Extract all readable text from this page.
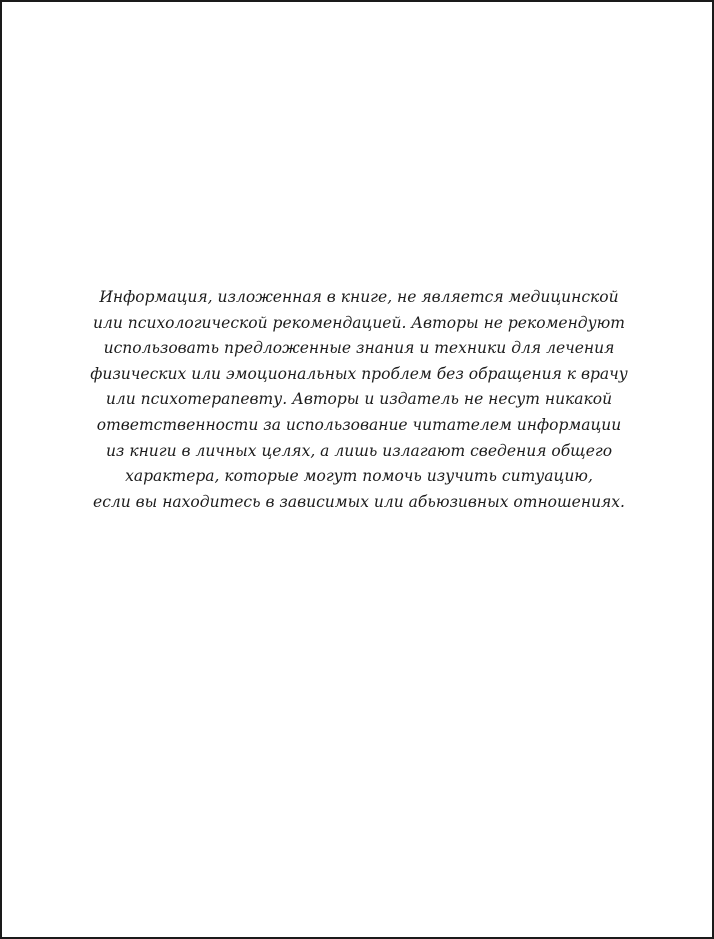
Информация, изложенная в книге, не является медицинской
или психологической рекомендацией. Авторы не рекомендуют
использовать предложенные знания и техники для лечения
физических или эмоциональных проблем без обращения к врачу
или психотерапевту. Авторы и издатель не несут никакой
ответственности за использование читателем информации
из книги в личных целях, а лишь излагают сведения общего
характера, которые могут помочь изучить ситуацию,
если вы находитесь в зависимых или абьюзивных отношениях.
